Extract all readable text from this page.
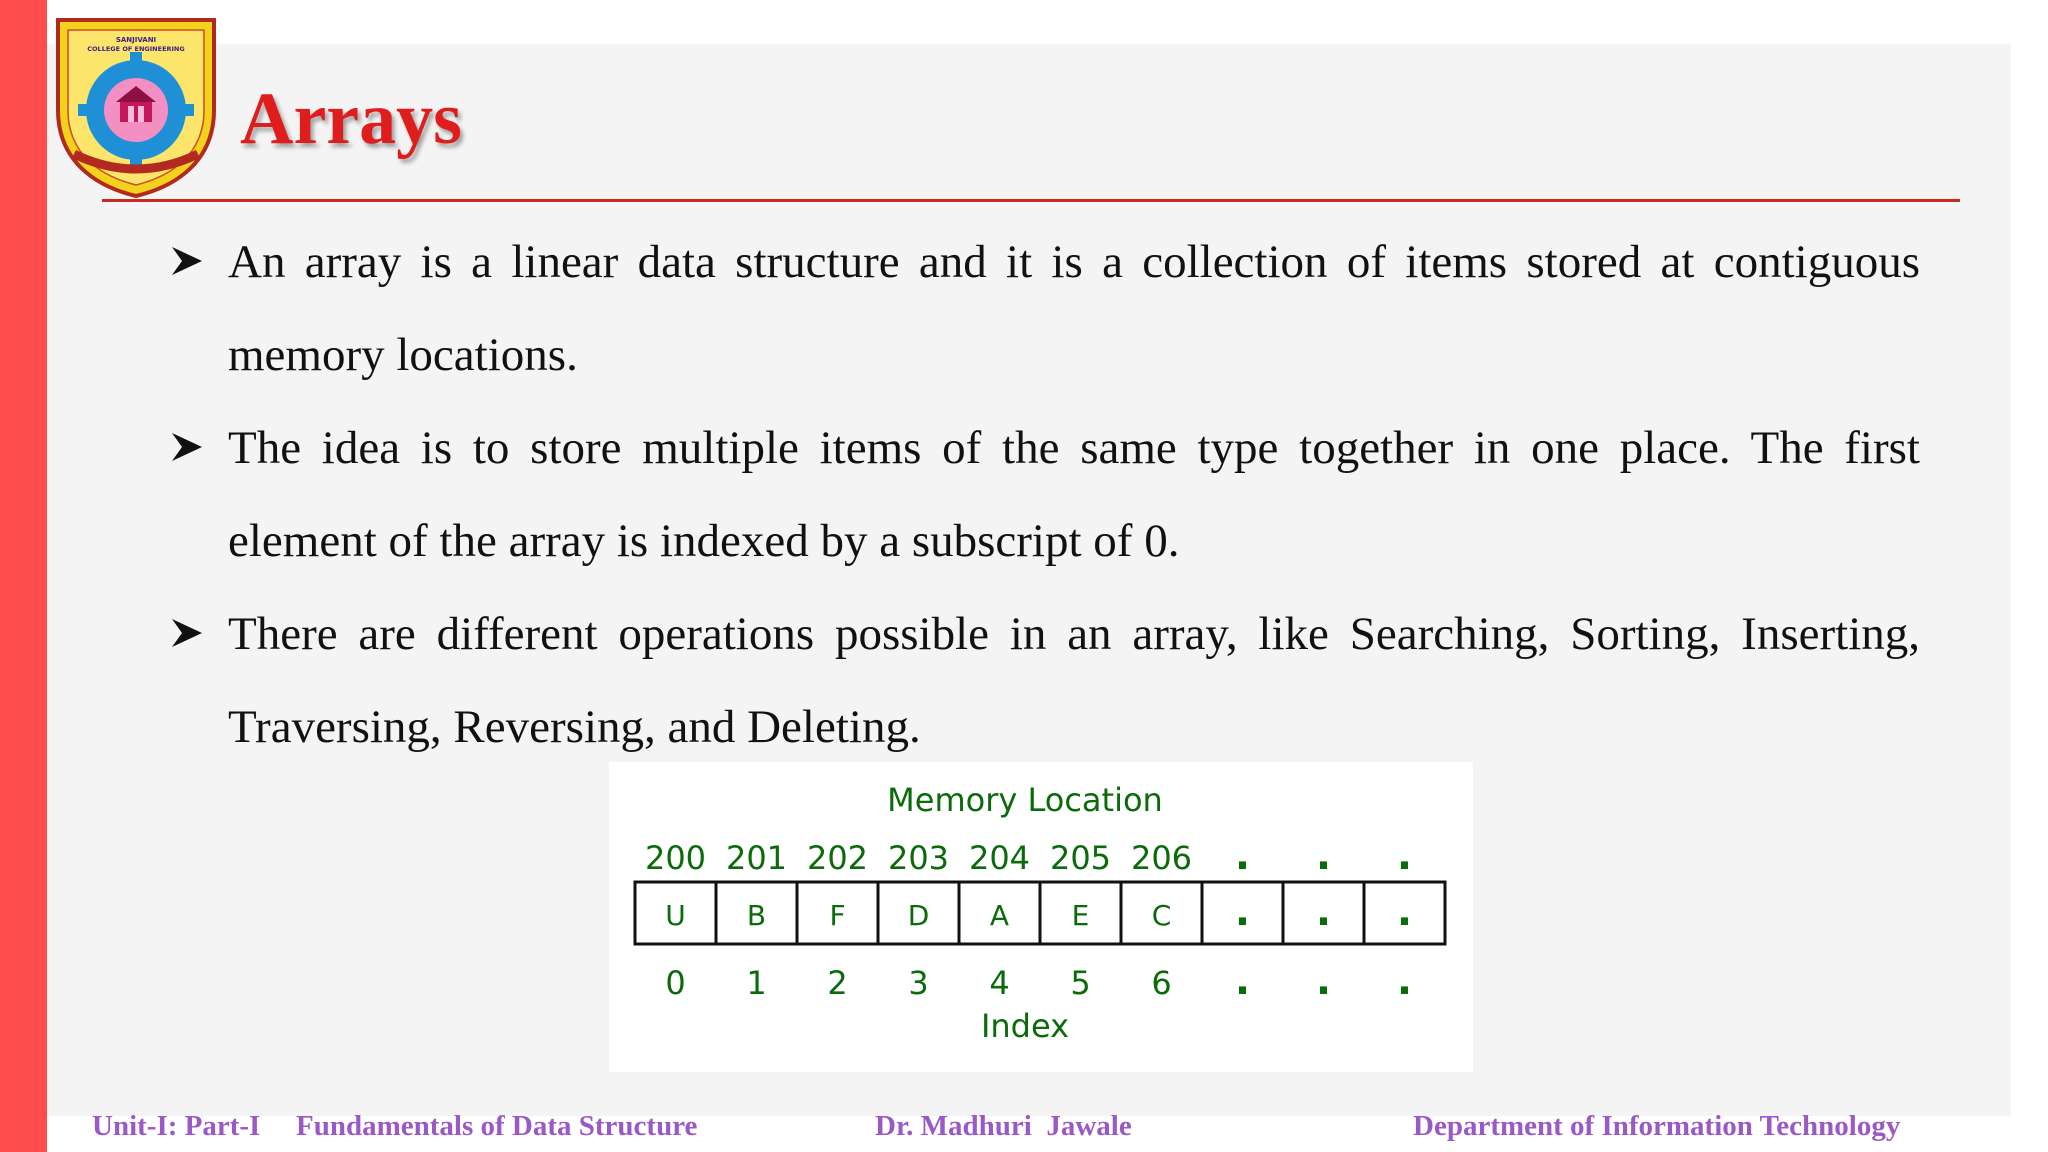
SANJIVANI
COLLEGE OF ENGINEERING
Arrays
An array is a linear data structure and it is a collection of items stored at contiguous memory locations.
The idea is to store multiple items of the same type together in one place. The first element of the array is indexed by a subscript of 0.
There are different operations possible in an array, like Searching, Sorting, Inserting, Traversing, Reversing, and Deleting.
Memory Location
Index
U
200
0
B
201
1
F
202
2
D
203
3
A
204
4
E
205
5
C
206
6
.
.
.
.
.
.
.
.
.
Unit-I: Part-I Fundamentals of Data Structure	Dr. Madhuri  Jawale	Department of Information Technology
